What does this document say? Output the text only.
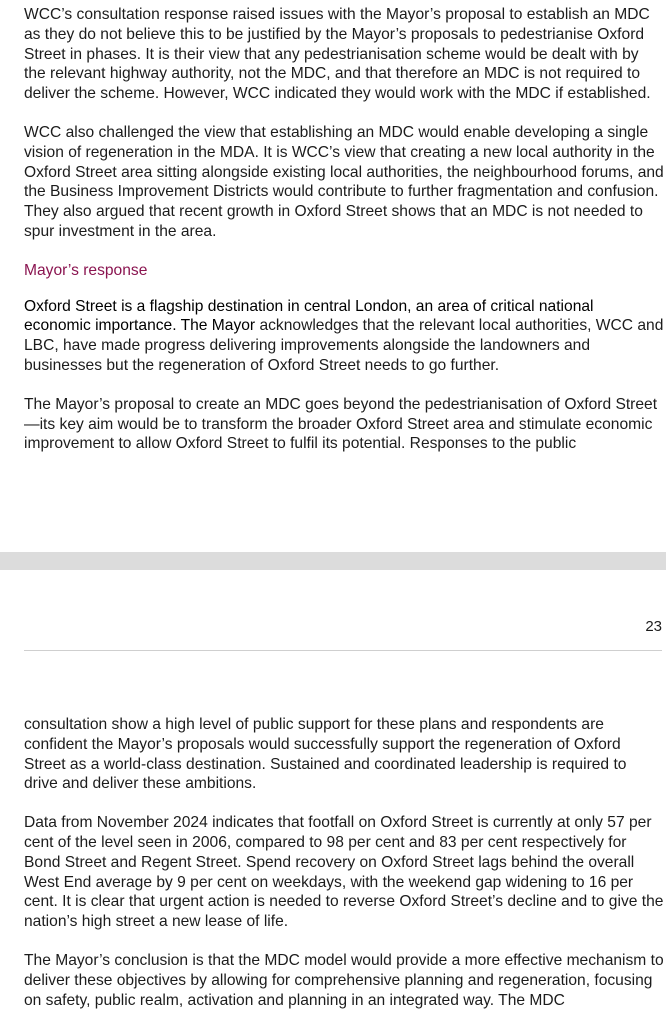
WCC’s consultation response raised issues with the Mayor’s proposal to establish an MDC as they do not believe this to be justified by the Mayor’s proposals to pedestrianise Oxford Street in phases. It is their view that any pedestrianisation scheme would be dealt with by the relevant highway authority, not the MDC, and that therefore an MDC is not required to deliver the scheme. However, WCC indicated they would work with the MDC if established.

WCC also challenged the view that establishing an MDC would enable developing a single vision of regeneration in the MDA. It is WCC’s view that creating a new local authority in the Oxford Street area sitting alongside existing local authorities, the neighbourhood forums, and the Business Improvement Districts would contribute to further fragmentation and confusion. They also argued that recent growth in Oxford Street shows that an MDC is not needed to spur investment in the area.

Mayor’s response

Oxford Street is a flagship destination in central London, an area of critical national economic importance. The Mayor acknowledges that the relevant local authorities, WCC and LBC, have made progress delivering improvements alongside the landowners and businesses but the regeneration of Oxford Street needs to go further.

The Mayor’s proposal to create an MDC goes beyond the pedestrianisation of Oxford Street—its key aim would be to transform the broader Oxford Street area and stimulate economic improvement to allow Oxford Street to fulfil its potential. Responses to the public

23

consultation show a high level of public support for these plans and respondents are confident the Mayor’s proposals would successfully support the regeneration of Oxford Street as a world-class destination. Sustained and coordinated leadership is required to drive and deliver these ambitions.

Data from November 2024 indicates that footfall on Oxford Street is currently at only 57 per cent of the level seen in 2006, compared to 98 per cent and 83 per cent respectively for Bond Street and Regent Street. Spend recovery on Oxford Street lags behind the overall West End average by 9 per cent on weekdays, with the weekend gap widening to 16 per cent. It is clear that urgent action is needed to reverse Oxford Street’s decline and to give the nation’s high street a new lease of life.

The Mayor’s conclusion is that the MDC model would provide a more effective mechanism to deliver these objectives by allowing for comprehensive planning and regeneration, focusing on safety, public realm, activation and planning in an integrated way. The MDC
